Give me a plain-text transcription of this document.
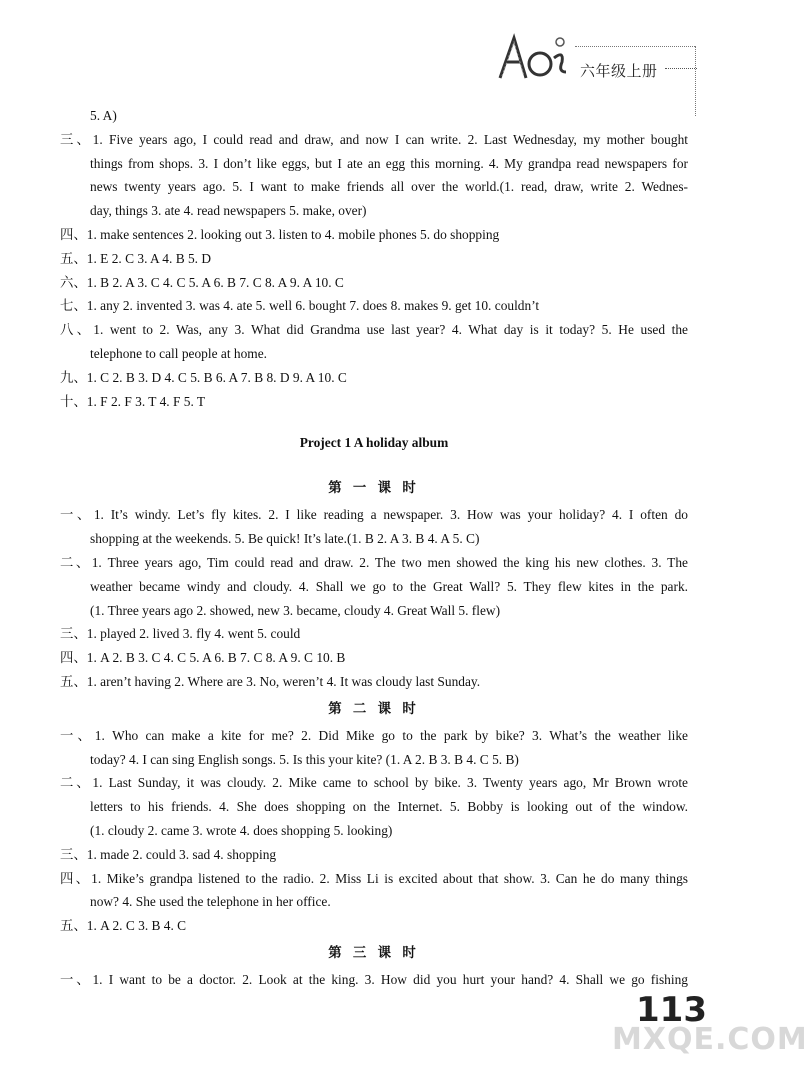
六年级上册
5. A)
三、1. Five years ago, I could read and draw, and now I can write. 2. Last Wednesday, my mother bought
things from shops. 3. I don’t like eggs, but I ate an egg this morning. 4. My grandpa read newspapers for
news twenty years ago. 5. I want to make friends all over the world.(1. read, draw, write 2. Wednes-
day, things 3. ate 4. read newspapers 5. make, over)
四、1. make sentences 2. looking out 3. listen to 4. mobile phones 5. do shopping
五、1. E 2. C 3. A 4. B 5. D
六、1. B 2. A 3. C 4. C 5. A 6. B 7. C 8. A 9. A 10. C
七、1. any 2. invented 3. was 4. ate 5. well 6. bought 7. does 8. makes 9. get 10. couldn’t
八、1. went to 2. Was, any 3. What did Grandma use last year? 4. What day is it today? 5. He used the
telephone to call people at home.
九、1. C 2. B 3. D 4. C 5. B 6. A 7. B 8. D 9. A 10. C
十、1. F 2. F 3. T 4. F 5. T
Project 1 A holiday album
第 一 课 时
一、1. It’s windy. Let’s fly kites. 2. I like reading a newspaper. 3. How was your holiday? 4. I often do
shopping at the weekends. 5. Be quick! It’s late.(1. B 2. A 3. B 4. A 5. C)
二、1. Three years ago, Tim could read and draw. 2. The two men showed the king his new clothes. 3. The
weather became windy and cloudy. 4. Shall we go to the Great Wall? 5. They flew kites in the park.
(1. Three years ago 2. showed, new 3. became, cloudy 4. Great Wall 5. flew)
三、1. played 2. lived 3. fly 4. went 5. could
四、1. A 2. B 3. C 4. C 5. A 6. B 7. C 8. A 9. C 10. B
五、1. aren’t having 2. Where are 3. No, weren’t 4. It was cloudy last Sunday.
第 二 课 时
一、1. Who can make a kite for me? 2. Did Mike go to the park by bike? 3. What’s the weather like
today? 4. I can sing English songs. 5. Is this your kite? (1. A 2. B 3. B 4. C 5. B)
二、1. Last Sunday, it was cloudy. 2. Mike came to school by bike. 3. Twenty years ago, Mr Brown wrote
letters to his friends. 4. She does shopping on the Internet. 5. Bobby is looking out of the window.
(1. cloudy 2. came 3. wrote 4. does shopping 5. looking)
三、1. made 2. could 3. sad 4. shopping
四、1. Mike’s grandpa listened to the radio. 2. Miss Li is excited about that show. 3. Can he do many things
now? 4. She used the telephone in her office.
五、1. A 2. C 3. B 4. C
第 三 课 时
一、1. I want to be a doctor. 2. Look at the king. 3. How did you hurt your hand? 4. Shall we go fishing
113
MXQE.COM
